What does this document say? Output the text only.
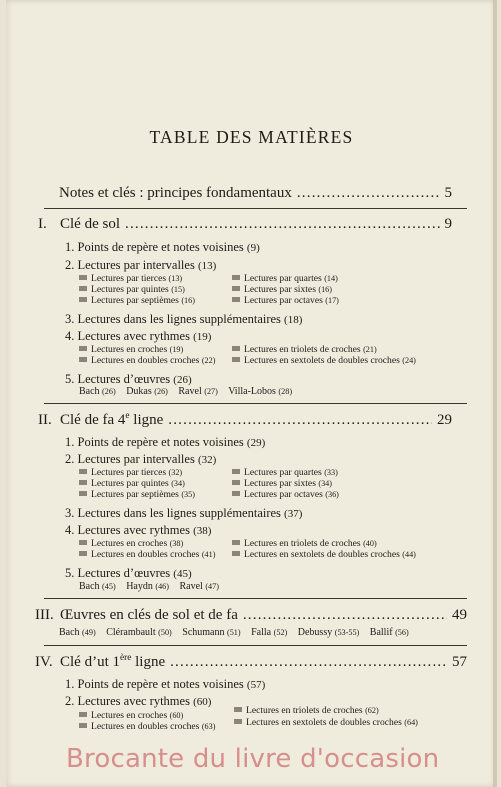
TABLE DES MATIÈRES
Notes et clés : principes fondamentaux .....	5
I. Clé de sol .....	9
1. Points de repère et notes voisines (9)
2. Lectures par intervalles (13)
Lectures par tierces (13)	Lectures par quartes (14)
Lectures par quintes (15)	Lectures par sixtes (16)
Lectures par septièmes (16)	Lectures par octaves (17)
3. Lectures dans les lignes supplémentaires (18)
4. Lectures avec rythmes (19)
Lectures en croches (19)	Lectures en triolets de croches (21)
Lectures en doubles croches (22)	Lectures en sextolets de doubles croches (24)
5. Lectures d’œuvres (26)
Bach (26) Dukas (26) Ravel (27) Villa-Lobos (28)
II. Clé de fa 4e ligne .....	29
1. Points de repère et notes voisines (29)
2. Lectures par intervalles (32)
Lectures par tierces (32)	Lectures par quartes (33)
Lectures par quintes (34)	Lectures par sixtes (34)
Lectures par septièmes (35)	Lectures par octaves (36)
3. Lectures dans les lignes supplémentaires (37)
4. Lectures avec rythmes (38)
Lectures en croches (38)	Lectures en triolets de croches (40)
Lectures en doubles croches (41)	Lectures en sextolets de doubles croches (44)
5. Lectures d’œuvres (45)
Bach (45) Haydn (46) Ravel (47)
III. Œuvres en clés de sol et de fa .....	49
Bach (49) Clérambault (50) Schumann (51) Falla (52) Debussy (53-55) Ballif (56)
IV. Clé d’ut 1ère ligne .....	57
1. Points de repère et notes voisines (57)
2. Lectures avec rythmes (60)
Lectures en croches (60)	Lectures en triolets de croches (62)
Lectures en doubles croches (63)	Lectures en sextolets de doubles croches (64)
Brocante du livre d'occasion
